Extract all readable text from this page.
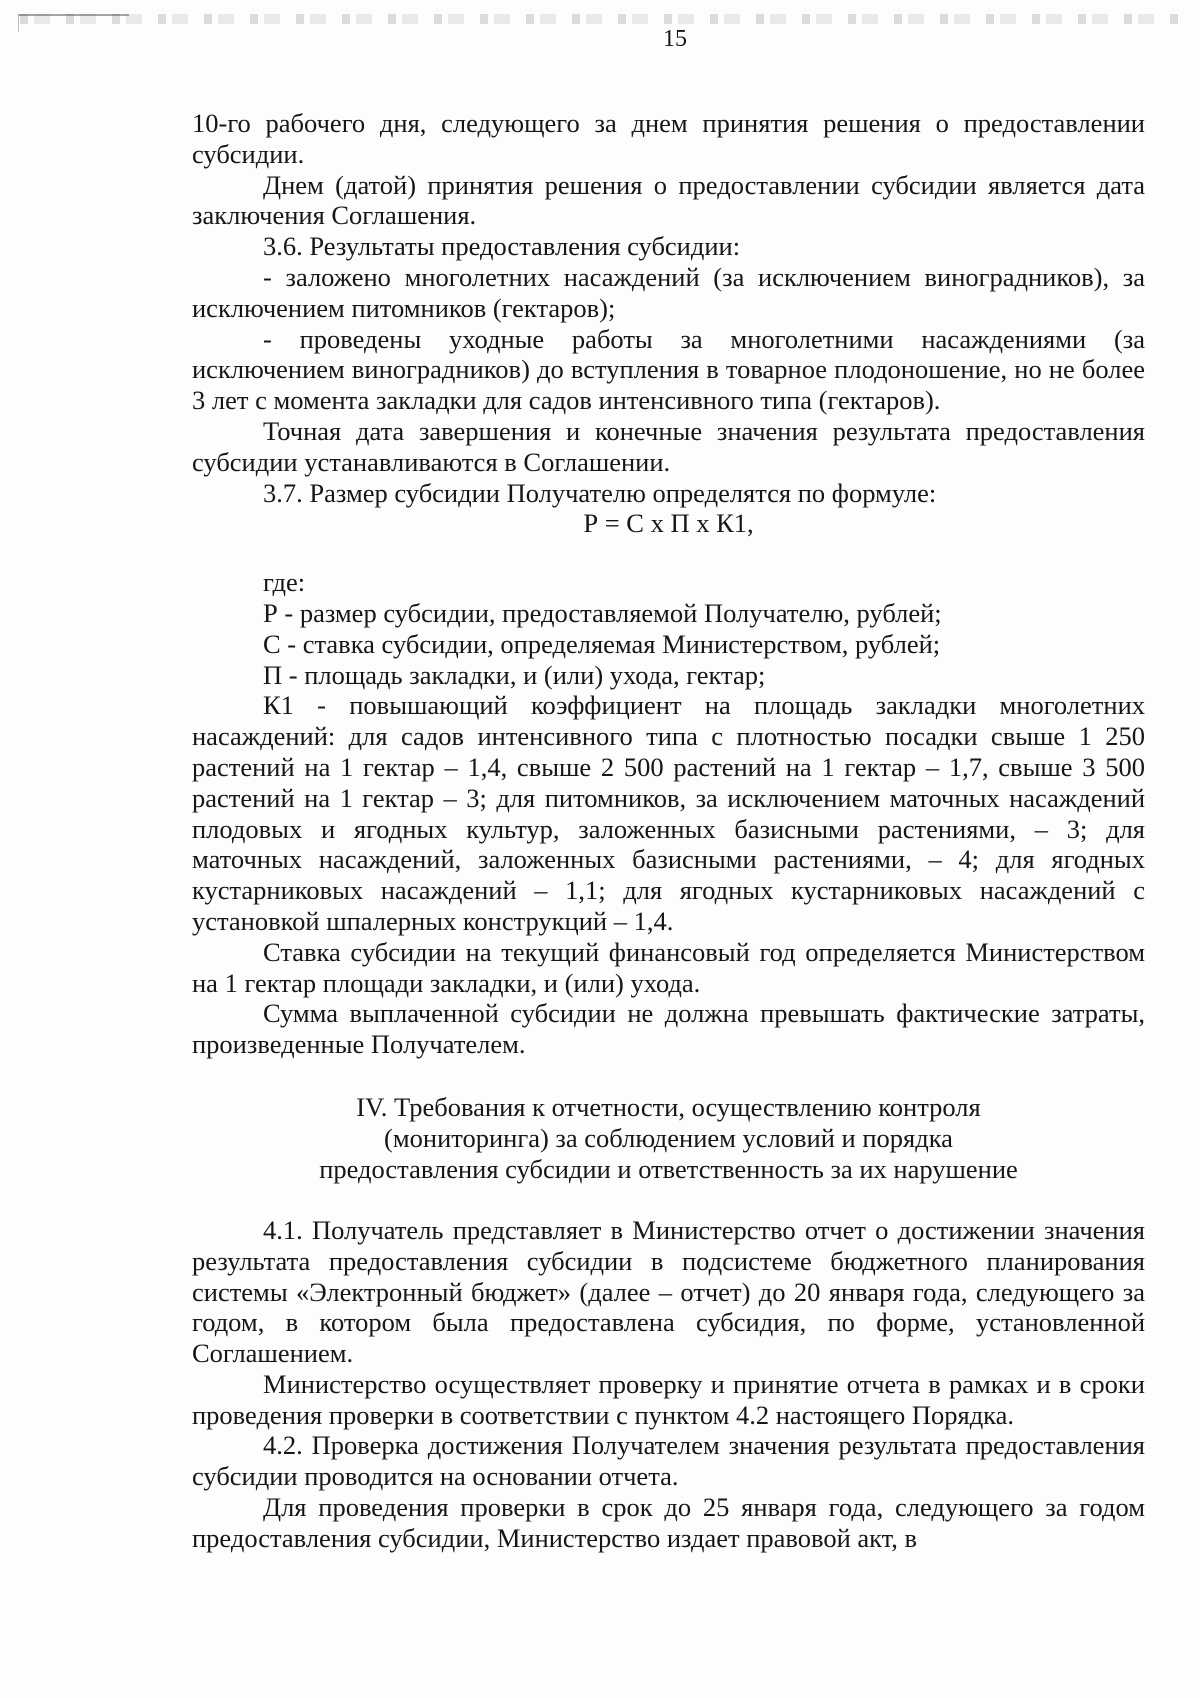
15

10-го рабочего дня, следующего за днем принятия решения о предоставлении субсидии.

Днем (датой) принятия решения о предоставлении субсидии является дата заключения Соглашения.

3.6. Результаты предоставления субсидии:

- заложено многолетних насаждений (за исключением виноградников), за исключением питомников (гектаров);

- проведены уходные работы за многолетними насаждениями (за исключением виноградников) до вступления в товарное плодоношение, но не более 3 лет с момента закладки для садов интенсивного типа (гектаров).

Точная дата завершения и конечные значения результата предоставления субсидии устанавливаются в Соглашении.

3.7. Размер субсидии Получателю определятся по формуле:

Р = С х П х К1,

где:

Р - размер субсидии, предоставляемой Получателю, рублей;

С - ставка субсидии, определяемая Министерством, рублей;

П - площадь закладки, и (или) ухода, гектар;

К1 - повышающий коэффициент на площадь закладки многолетних насаждений: для садов интенсивного типа с плотностью посадки свыше 1 250 растений на 1 гектар – 1,4, свыше 2 500 растений на 1 гектар – 1,7, свыше 3 500 растений на 1 гектар – 3; для питомников, за исключением маточных насаждений плодовых и ягодных культур, заложенных базисными растениями, – 3; для маточных насаждений, заложенных базисными растениями, – 4; для ягодных кустарниковых насаждений – 1,1; для ягодных кустарниковых насаждений с установкой шпалерных конструкций – 1,4.

Ставка субсидии на текущий финансовый год определяется Министерством на 1 гектар площади закладки, и (или) ухода.

Сумма выплаченной субсидии не должна превышать фактические затраты, произведенные Получателем.

IV. Требования к отчетности, осуществлению контроля
(мониторинга) за соблюдением условий и порядка
предоставления субсидии и ответственность за их нарушение

4.1. Получатель представляет в Министерство отчет о достижении значения результата предоставления субсидии в подсистеме бюджетного планирования системы «Электронный бюджет» (далее – отчет) до 20 января года, следующего за годом, в котором была предоставлена субсидия, по форме, установленной Соглашением.

Министерство осуществляет проверку и принятие отчета в рамках и в сроки проведения проверки в соответствии с пунктом 4.2 настоящего Порядка.

4.2. Проверка достижения Получателем значения результата предоставления субсидии проводится на основании отчета.

Для проведения проверки в срок до 25 января года, следующего за годом предоставления субсидии, Министерство издает правовой акт, в
